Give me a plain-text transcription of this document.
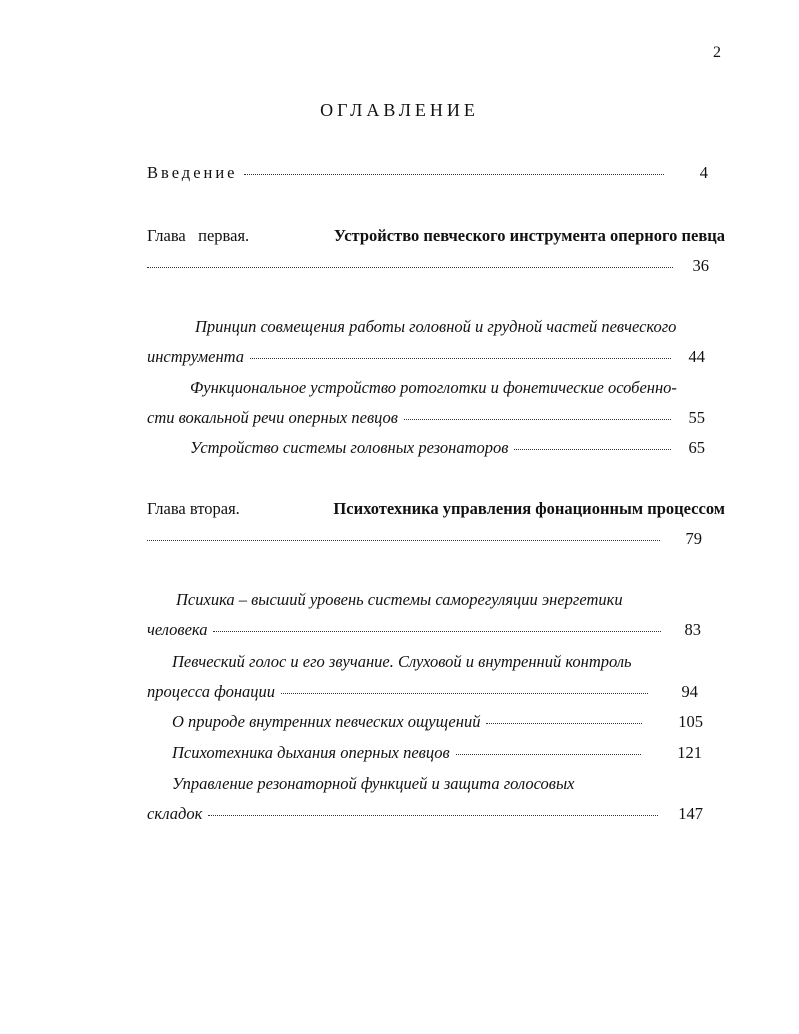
2
ОГЛАВЛЕНИЕ
Введение	4
Глава первая.	Устройство певческого инструмента оперного певца
36
Принцип совмещения работы головной и грудной частей певческого
инструмента	44
Функциональное устройство ротоглотки и фонетические особенно-
сти вокальной речи оперных певцов	55
Устройство системы головных резонаторов	65
Глава вторая.	Психотехника управления фонационным процессом
79
Психика – высший уровень системы саморегуляции энергетики
человека	83
Певческий голос и его звучание. Слуховой и внутренний контроль
процесса фонации	94
О природе внутренних певческих ощущений	105
Психотехника дыхания оперных певцов	121
Управление резонаторной функцией и защита голосовых
складок	147
